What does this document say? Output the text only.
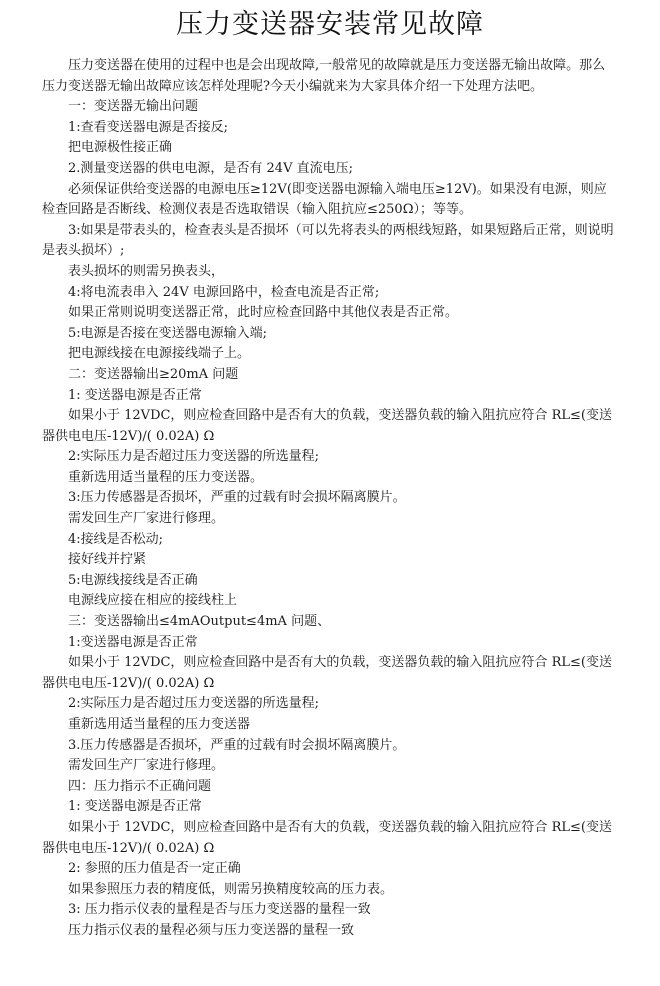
压力变送器安装常见故障

压力变送器在使用的过程中也是会出现故障,一般常见的故障就是压力变送器无输出故障。那么压力变送器无输出故障应该怎样处理呢?今天小编就来为大家具体介绍一下处理方法吧。

一：变送器无输出问题

1:查看变送器电源是否接反;

把电源极性接正确

2.测量变送器的供电电源，是否有 24V 直流电压;

必须保证供给变送器的电源电压≥12V(即变送器电源输入端电压≥12V)。如果没有电源，则应检查回路是否断线、检测仪表是否选取错误（输入阻抗应≤250Ω）；等等。

3:如果是带表头的，检查表头是否损坏（可以先将表头的两根线短路，如果短路后正常，则说明是表头损坏）;

表头损坏的则需另换表头，

4:将电流表串入 24V 电源回路中，检查电流是否正常;

如果正常则说明变送器正常，此时应检查回路中其他仪表是否正常。

5:电源是否接在变送器电源输入端;

把电源线接在电源接线端子上。

二：变送器输出≥20mA 问题

1: 变送器电源是否正常

如果小于 12VDC，则应检查回路中是否有大的负载，变送器负载的输入阻抗应符合 RL≤(变送器供电电压-12V)/( 0.02A) Ω

2:实际压力是否超过压力变送器的所选量程;

重新选用适当量程的压力变送器。

3:压力传感器是否损坏，严重的过载有时会损坏隔离膜片。

需发回生产厂家进行修理。

4:接线是否松动;

接好线并拧紧

5:电源线接线是否正确

电源线应接在相应的接线柱上

三：变送器输出≤4mAOutput≤4mA 问题、

1:变送器电源是否正常

如果小于 12VDC，则应检查回路中是否有大的负载，变送器负载的输入阻抗应符合 RL≤(变送器供电电压-12V)/( 0.02A) Ω

2:实际压力是否超过压力变送器的所选量程;

重新选用适当量程的压力变送器

3.压力传感器是否损坏，严重的过载有时会损坏隔离膜片。

需发回生产厂家进行修理。

四：压力指示不正确问题

1: 变送器电源是否正常

如果小于 12VDC，则应检查回路中是否有大的负载，变送器负载的输入阻抗应符合 RL≤(变送器供电电压-12V)/( 0.02A) Ω

2: 参照的压力值是否一定正确

如果参照压力表的精度低，则需另换精度较高的压力表。

3: 压力指示仪表的量程是否与压力变送器的量程一致

压力指示仪表的量程必须与压力变送器的量程一致
